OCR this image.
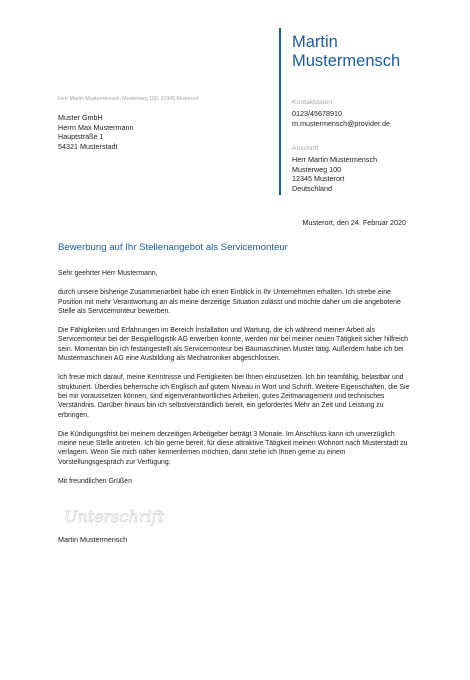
Martin
Mustermensch
Herr Martin Mustermensch, Musterweg 100, 12345 Musterort
Muster GmbH
Herrn Max Mustermann
Hauptstraße 1
54321 Musterstadt
Kontaktdaten
0123/45678910
m.mustermensch@provider.de
Anschrift
Herr Martin Mustermensch
Musterweg 100
12345 Musterort
Deutschland
Musterort, den 24. Februar 2020
Bewerbung auf Ihr Stellenangebot als Servicemonteur

Sehr geehrter Herr Mustermann,

durch unsere bisherige Zusammenarbeit habe ich einen Einblick in Ihr Unternehmen erhalten. Ich strebe eine Position mit mehr Verantwortung an als meine derzeitige Situation zulässt und möchte daher um die angebotene Stelle als Servicemonteur bewerben.

Die Fähigkeiten und Erfahrungen im Bereich Installation und Wartung, die ich während meiner Arbeit als Servicemonteur bei der Beispiellogistik AG erwerben konnte, werden mir bei meiner neuen Tätigkeit sicher hilfreich sein. Momentan bin ich festangestellt als Servicemonteur bei Baumaschinen Muster tätig. Außerdem habe ich bei Mustermaschinen AG eine Ausbildung als Mechatroniker abgeschlossen.

Ich freue mich darauf, meine Kenntnisse und Fertigkeiten bei Ihnen einzusetzen. Ich bin teamfähig, belastbar und strukturiert. Überdies beherrsche ich Englisch auf gutem Niveau in Wort und Schrift. Weitere Eigenschaften, die Sie bei mir voraussetzen können, sind eigenverantwortliches Arbeiten, gutes Zeitmanagement und technisches Verständnis. Darüber hinaus bin ich selbstverständlich bereit, ein gefordertes Mehr an Zeit und Leistung zu erbringen.

Die Kündigungsfrist bei meinem derzeitigen Arbeitgeber beträgt 3 Monate. Im Anschluss kann ich unverzüglich meine neue Stelle antreten. Ich bin gerne bereit, für diese attraktive Tätigkeit meinen Wohnort nach Musterstadt zu verlagern. Wenn Sie mich näher kennenlernen möchten, dann stehe ich Ihnen gerne zu einem Vorstellungsgespräch zur Verfügung.

Mit freundlichen Grüßen

Unterschrift
Martin Mustermensch
